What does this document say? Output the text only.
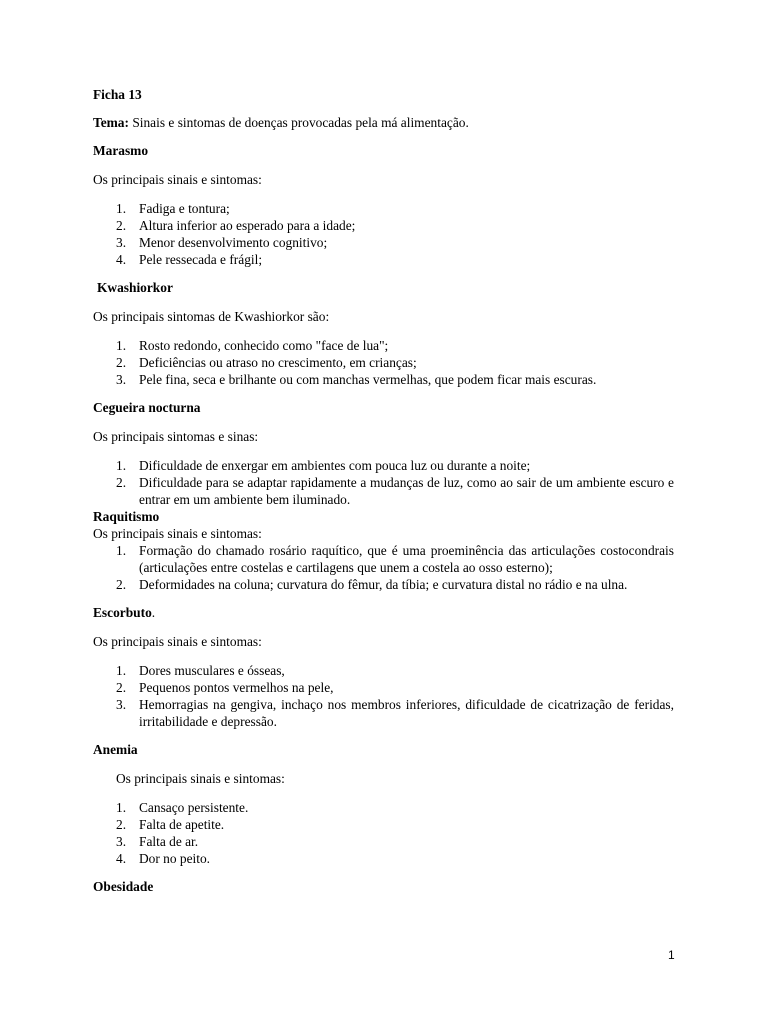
Ficha 13

Tema: Sinais e sintomas de doenças provocadas pela má alimentação.

Marasmo

Os principais sinais e sintomas:

1. Fadiga e tontura;
2. Altura inferior ao esperado para a idade;
3. Menor desenvolvimento cognitivo;
4. Pele ressecada e frágil;

Kwashiorkor

Os principais sintomas de Kwashiorkor são:

1. Rosto redondo, conhecido como "face de lua";
2. Deficiências ou atraso no crescimento, em crianças;
3. Pele fina, seca e brilhante ou com manchas vermelhas, que podem ficar mais escuras.

Cegueira nocturna

Os principais sintomas e sinas:

1. Dificuldade de enxergar em ambientes com pouca luz ou durante a noite;
2. Dificuldade para se adaptar rapidamente a mudanças de luz, como ao sair de um ambiente escuro e entrar em um ambiente bem iluminado.

Raquitismo

Os principais sinais e sintomas:

1. Formação do chamado rosário raquítico, que é uma proeminência das articulações costocondrais (articulações entre costelas e cartilagens que unem a costela ao osso esterno);
2. Deformidades na coluna; curvatura do fêmur, da tíbia; e curvatura distal no rádio e na ulna.

Escorbuto.

Os principais sinais e sintomas:

1. Dores musculares e ósseas,
2. Pequenos pontos vermelhos na pele,
3. Hemorragias na gengiva, inchaço nos membros inferiores, dificuldade de cicatrização de feridas, irritabilidade e depressão.

Anemia

Os principais sinais e sintomas:

1. Cansaço persistente.
2. Falta de apetite.
3. Falta de ar.
4. Dor no peito.

Obesidade

1
